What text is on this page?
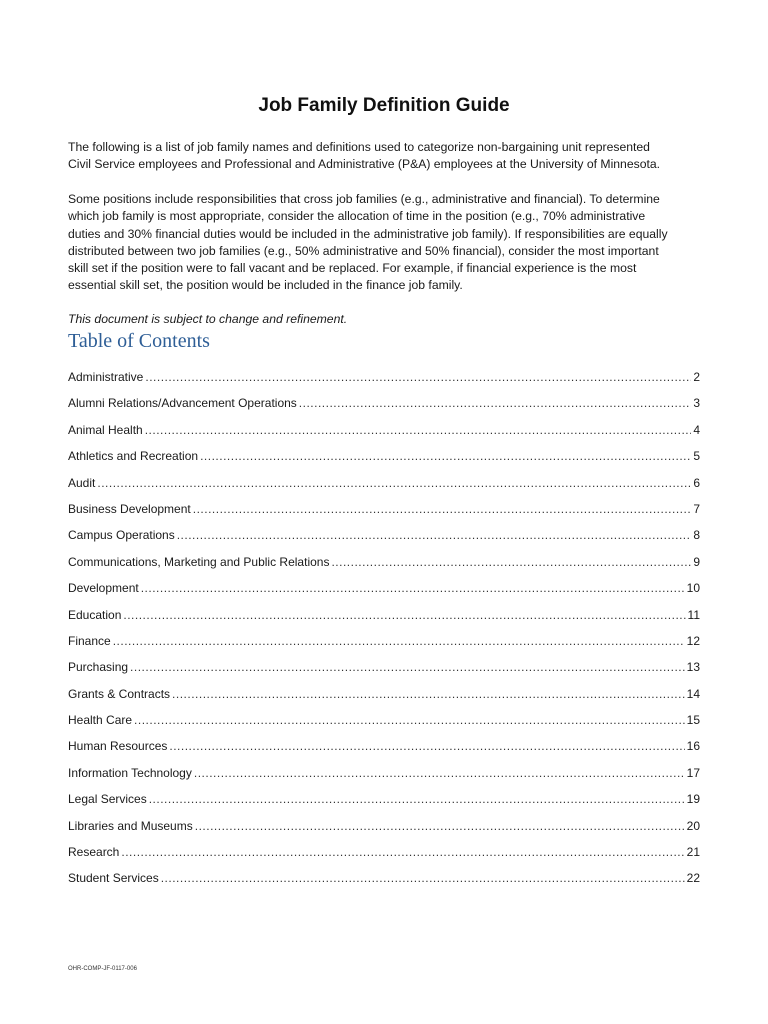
Job Family Definition Guide
The following is a list of job family names and definitions used to categorize non-bargaining unit represented
Civil Service employees and Professional and Administrative (P&A) employees at the University of Minnesota.
Some positions include responsibilities that cross job families (e.g., administrative and financial). To determine
which job family is most appropriate, consider the allocation of time in the position (e.g., 70% administrative
duties and 30% financial duties would be included in the administrative job family). If responsibilities are equally
distributed between two job families (e.g., 50% administrative and 50% financial), consider the most important
skill set if the position were to fall vacant and be replaced. For example, if financial experience is the most
essential skill set, the position would be included in the finance job family.
This document is subject to change and refinement.
Table of Contents
Administrative .....	2
Alumni Relations/Advancement Operations .....	3
Animal Health .....	4
Athletics and Recreation .....	5
Audit .....	6
Business Development .....	7
Campus Operations .....	8
Communications, Marketing and Public Relations .....	9
Development .....	10
Education .....	11
Finance .....	12
Purchasing .....	13
Grants & Contracts .....	14
Health Care .....	15
Human Resources .....	16
Information Technology .....	17
Legal Services .....	19
Libraries and Museums .....	20
Research .....	21
Student Services .....	22
OHR-COMP-JF-0117-006
